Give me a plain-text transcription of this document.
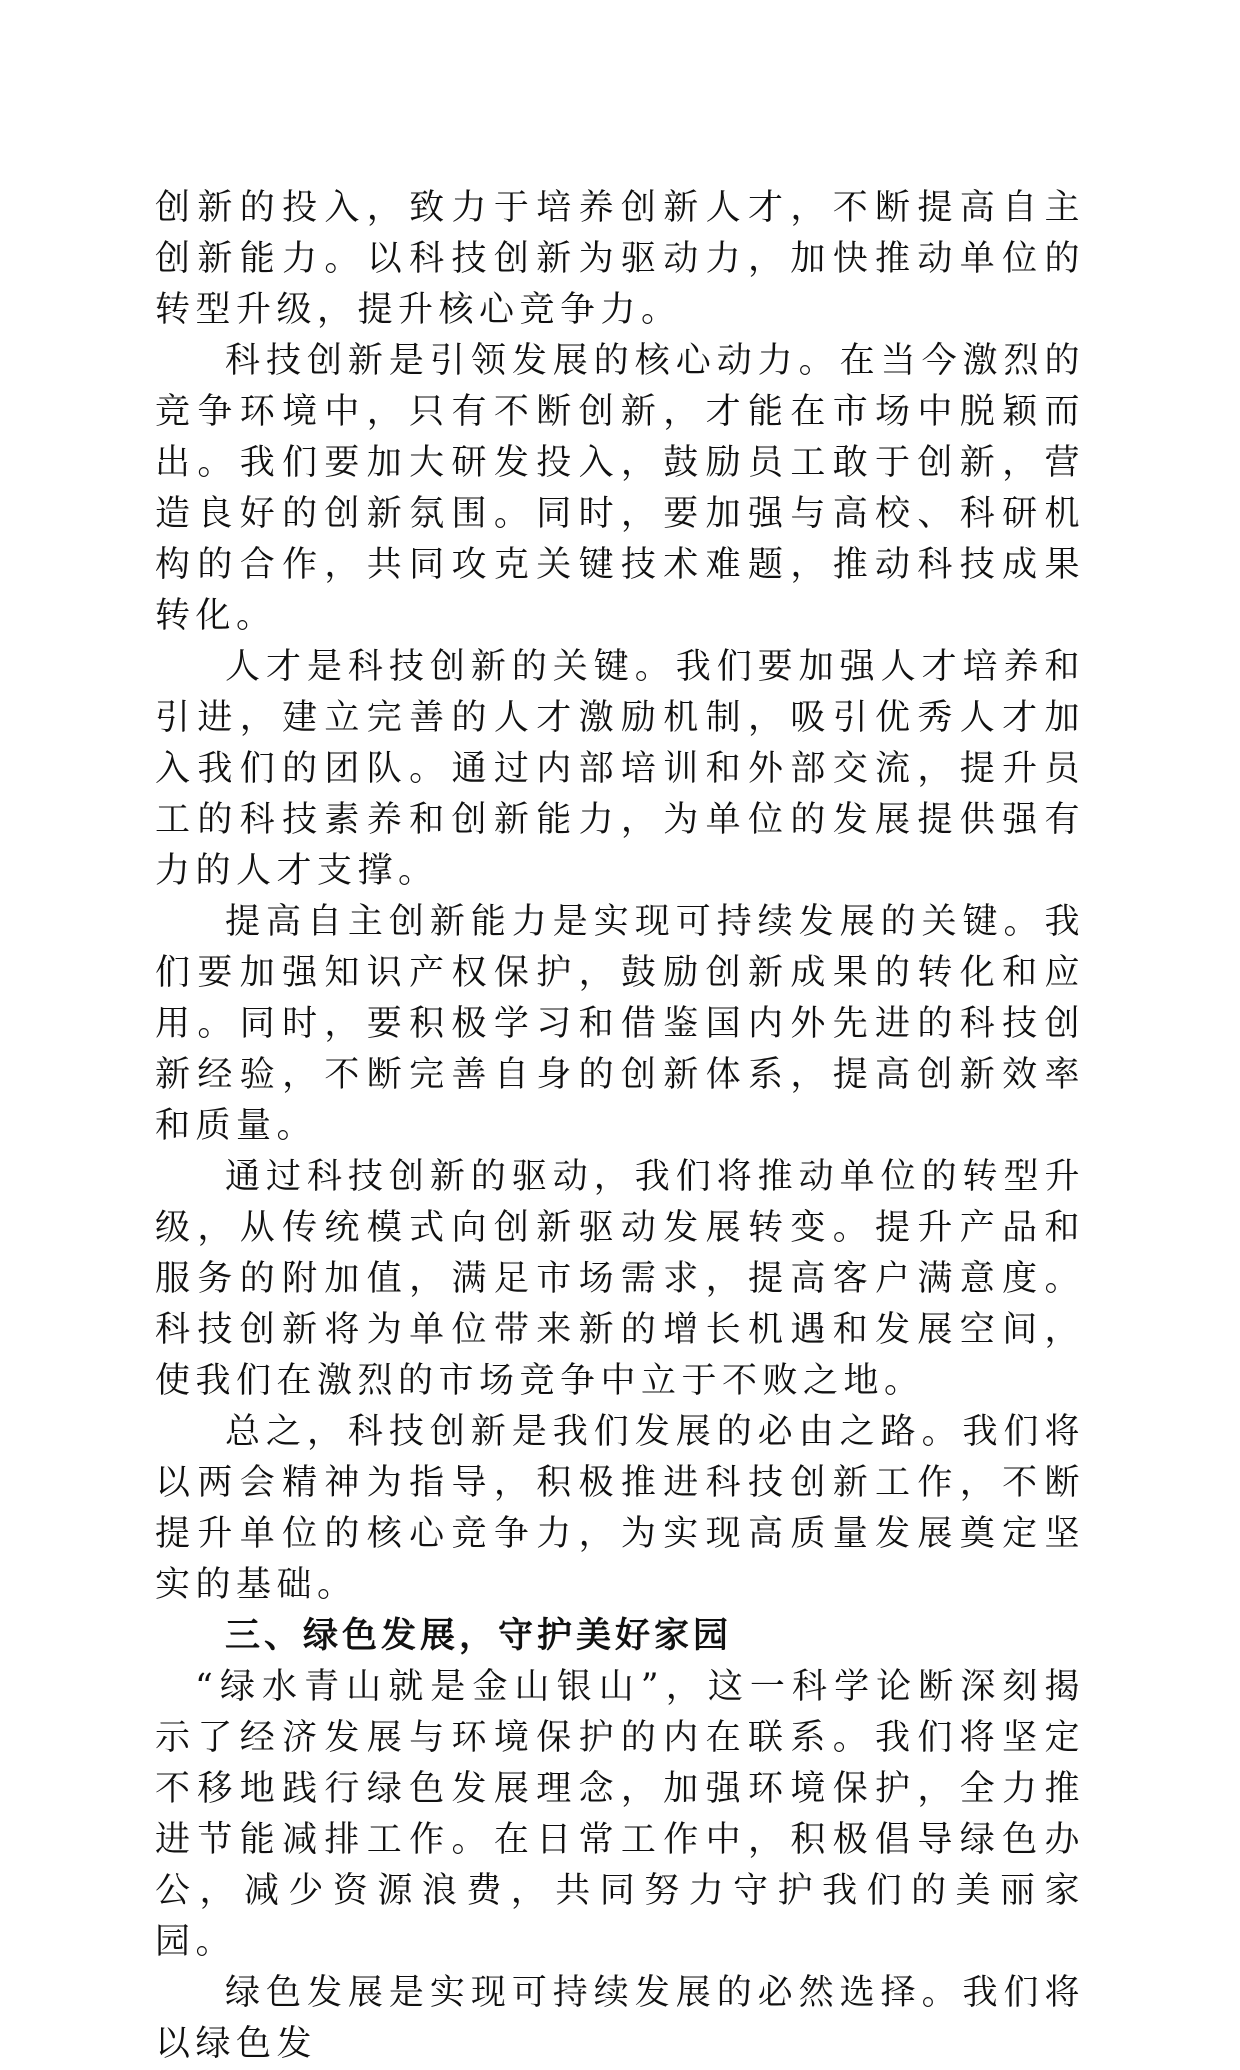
创新的投入，致力于培养创新人才，不断提高自主创新能力。以科技创新为驱动力，加快推动单位的转型升级，提升核心竞争力。

科技创新是引领发展的核心动力。在当今激烈的竞争环境中，只有不断创新，才能在市场中脱颖而出。我们要加大研发投入，鼓励员工敢于创新，营造良好的创新氛围。同时，要加强与高校、科研机构的合作，共同攻克关键技术难题，推动科技成果转化。

人才是科技创新的关键。我们要加强人才培养和引进，建立完善的人才激励机制，吸引优秀人才加入我们的团队。通过内部培训和外部交流，提升员工的科技素养和创新能力，为单位的发展提供强有力的人才支撑。

提高自主创新能力是实现可持续发展的关键。我们要加强知识产权保护，鼓励创新成果的转化和应用。同时，要积极学习和借鉴国内外先进的科技创新经验，不断完善自身的创新体系，提高创新效率和质量。

通过科技创新的驱动，我们将推动单位的转型升级，从传统模式向创新驱动发展转变。提升产品和服务的附加值，满足市场需求，提高客户满意度。科技创新将为单位带来新的增长机遇和发展空间，使我们在激烈的市场竞争中立于不败之地。

总之，科技创新是我们发展的必由之路。我们将以两会精神为指导，积极推进科技创新工作，不断提升单位的核心竞争力，为实现高质量发展奠定坚实的基础。

三、绿色发展，守护美好家园

“绿水青山就是金山银山”，这一科学论断深刻揭示了经济发展与环境保护的内在联系。我们将坚定不移地践行绿色发展理念，加强环境保护，全力推进节能减排工作。在日常工作中，积极倡导绿色办公，减少资源浪费，共同努力守护我们的美丽家园。

绿色发展是实现可持续发展的必然选择。我们将以绿色发
